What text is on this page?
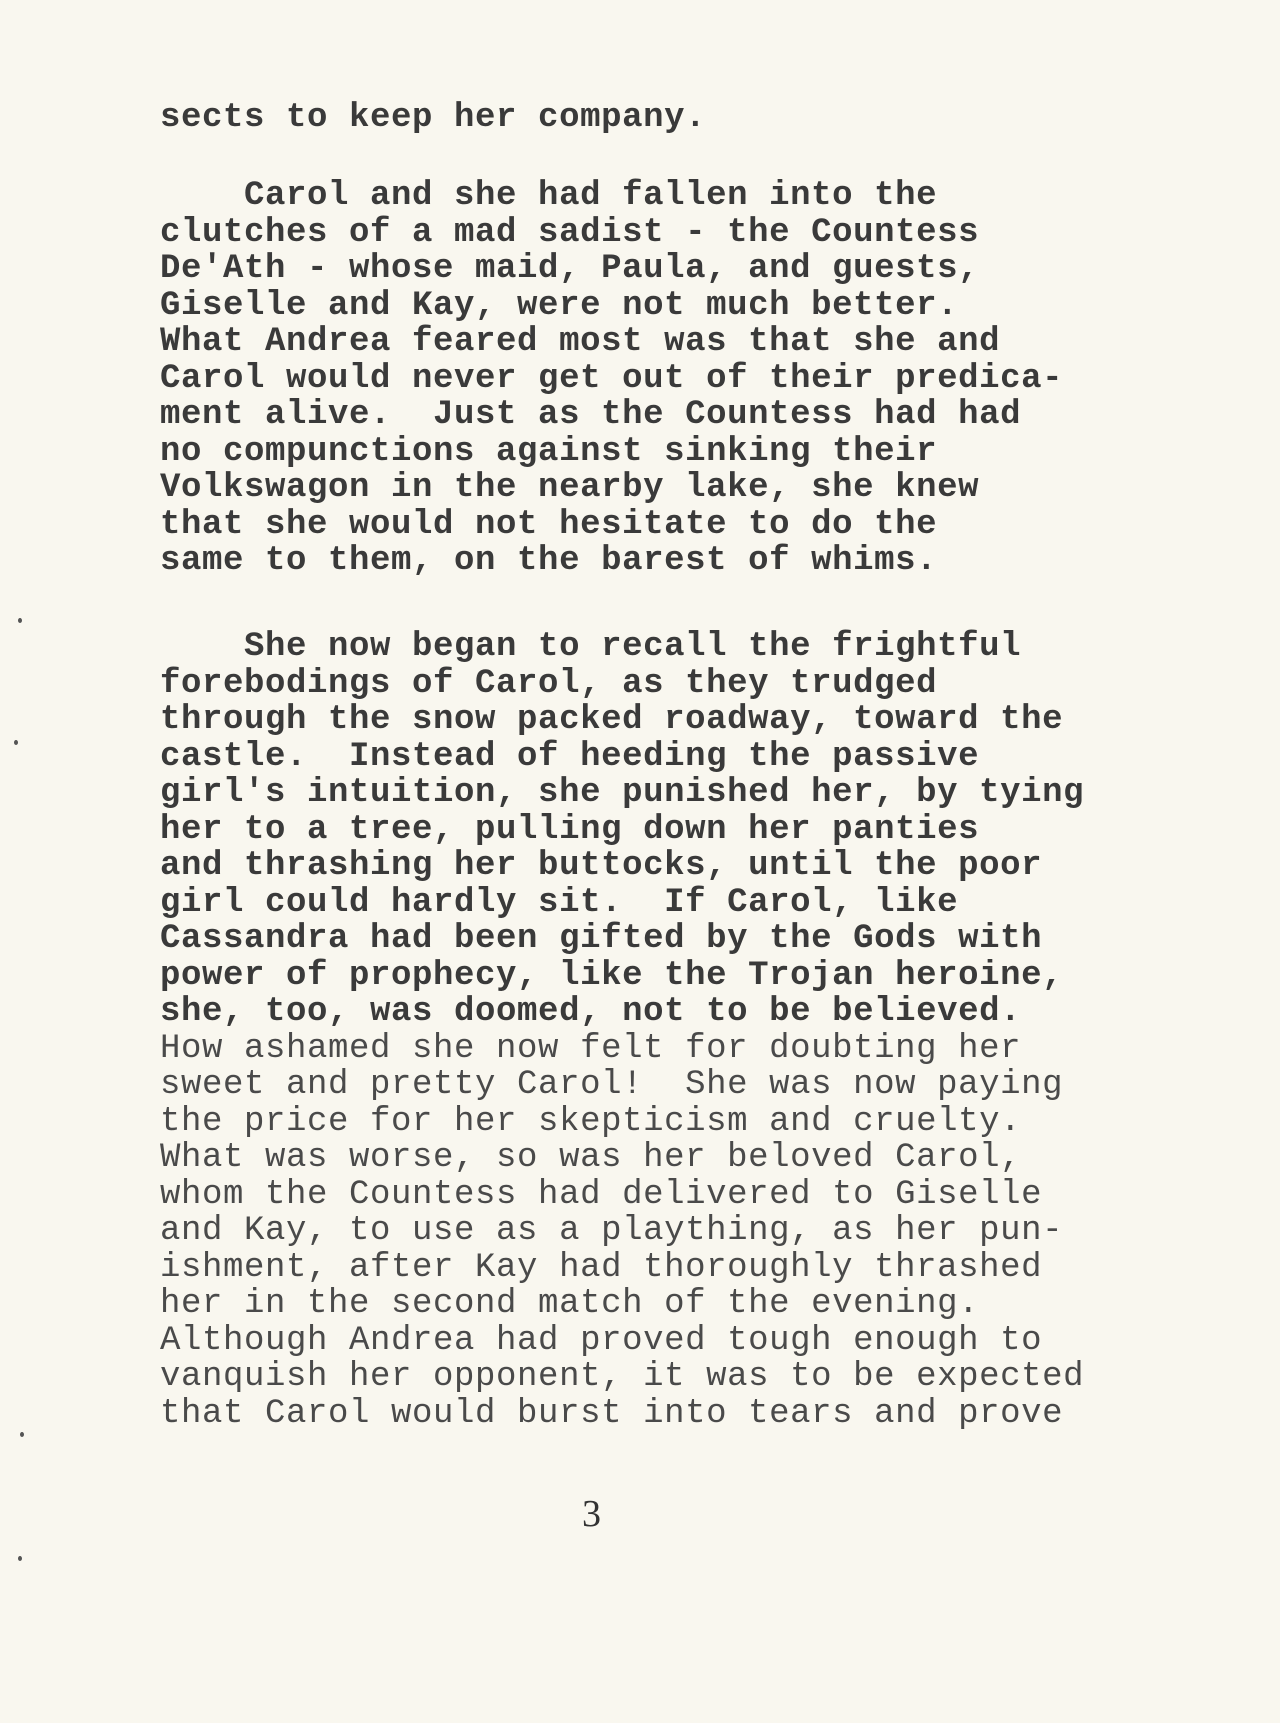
sects to keep her company.
Carol and she had fallen into the
clutches of a mad sadist - the Countess
De'Ath - whose maid, Paula, and guests,
Giselle and Kay, were not much better.
What Andrea feared most was that she and
Carol would never get out of their predica-
ment alive.  Just as the Countess had had
no compunctions against sinking their
Volkswagon in the nearby lake, she knew
that she would not hesitate to do the
same to them, on the barest of whims.
She now began to recall the frightful
forebodings of Carol, as they trudged
through the snow packed roadway, toward the
castle.  Instead of heeding the passive
girl's intuition, she punished her, by tying
her to a tree, pulling down her panties
and thrashing her buttocks, until the poor
girl could hardly sit.  If Carol, like
Cassandra had been gifted by the Gods with
power of prophecy, like the Trojan heroine,
she, too, was doomed, not to be believed.
How ashamed she now felt for doubting her
sweet and pretty Carol!  She was now paying
the price for her skepticism and cruelty.
What was worse, so was her beloved Carol,
whom the Countess had delivered to Giselle
and Kay, to use as a plaything, as her pun-
ishment, after Kay had thoroughly thrashed
her in the second match of the evening.
Although Andrea had proved tough enough to
vanquish her opponent, it was to be expected
that Carol would burst into tears and prove
3
